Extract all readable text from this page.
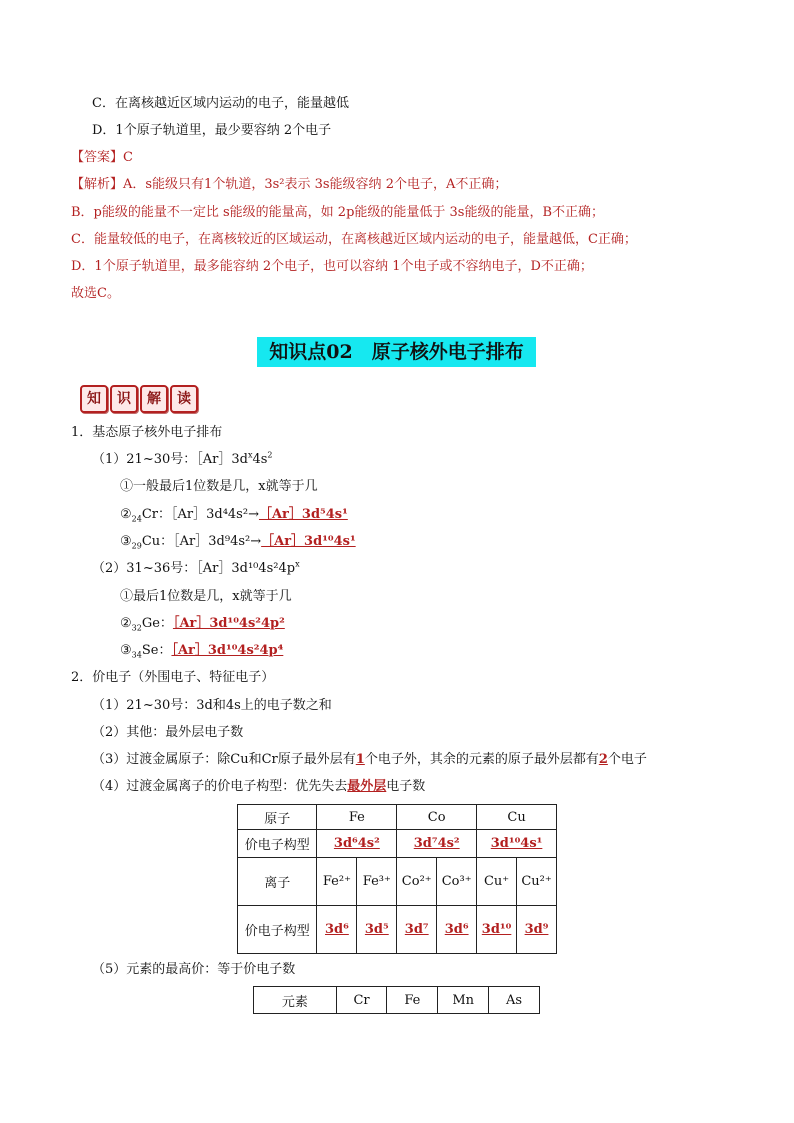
C．在离核越近区域内运动的电子，能量越低
D．1个原子轨道里，最少要容纳 2个电子
【答案】C
【解析】A．s能级只有1个轨道，3s²表示 3s能级容纳 2个电子，A不正确；
B．p能级的能量不一定比 s能级的能量高，如 2p能级的能量低于 3s能级的能量，B不正确；
C．能量较低的电子，在离核较近的区域运动，在离核越近区域内运动的电子，能量越低，C正确；
D．1个原子轨道里，最多能容纳 2个电子，也可以容纳 1个电子或不容纳电子，D不正确；
故选C。
知识点02　原子核外电子排布
知	识	解	读
1．基态原子核外电子排布
（1）21~30号：$[Ar]3d^x4s^2$
①一般最后1位数是几，x就等于几
$②_{24}Cr$：［Ar］3d⁴4s²→［Ar］3d⁵4s¹
$③_{29}Cu$：［Ar］3d⁹4s²→［Ar］3d¹⁰4s¹
（2）31~36号：$[Ar]3d^{10}4s^24p^x$
①最后1位数是几，x就等于几
$②_{32}Ge$：［Ar］3d¹⁰4s²4p²
$③_{34}Se$：［Ar］3d¹⁰4s²4p⁴
2．价电子（外围电子、特征电子）
（1）21~30号：3d和4s上的电子数之和
（2）其他：最外层电子数
（3）过渡金属原子：除Cu和Cr原子最外层有1个电子外，其余的元素的原子最外层都有2个电子
（4）过渡金属离子的价电子构型：优先失去最外层电子数
原子	Fe		Co		Cu	
价电子构型	3d⁶4s²		3d⁷4s²		3d¹⁰4s¹	
离子	Fe²⁺	Fe³⁺	Co²⁺	Co³⁺	Cu⁺	Cu²⁺
价电子构型	3d⁶	3d⁵	3d⁷	3d⁶	3d¹⁰	3d⁹
（5）元素的最高价：等于价电子数
元素	Cr	Fe	Mn	As
